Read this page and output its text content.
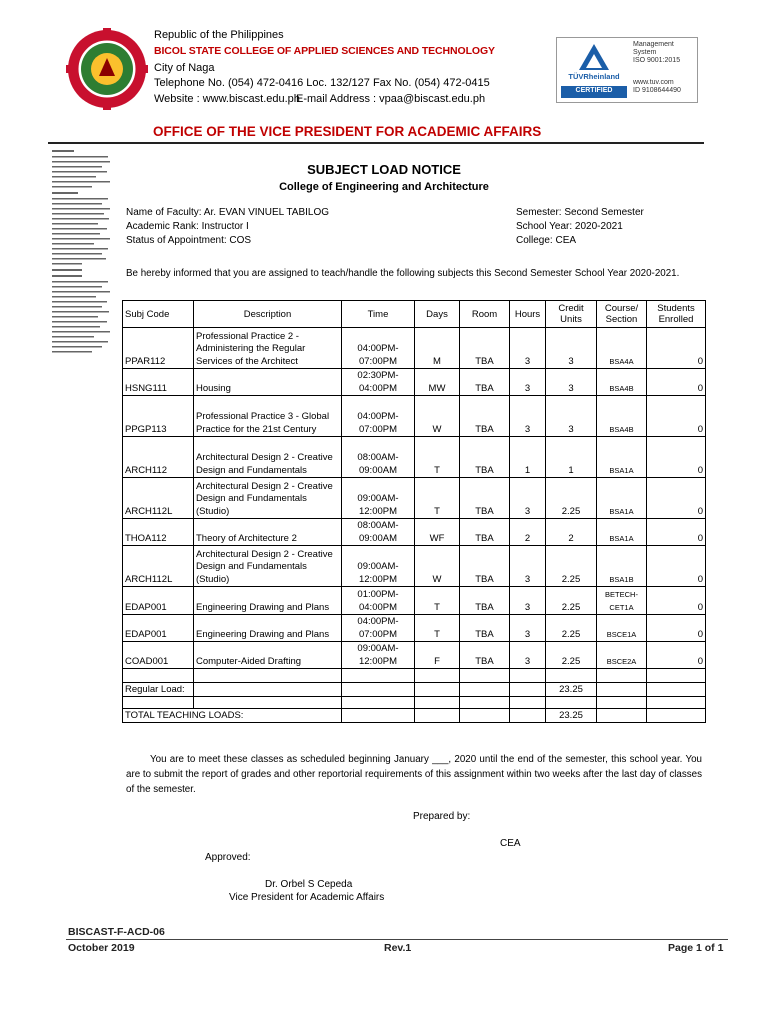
Republic of the Philippines
BICOL STATE COLLEGE OF APPLIED SCIENCES AND TECHNOLOGY
City of Naga
Telephone No. (054) 472-0416 Loc. 132/127 Fax No. (054) 472-0415
Website : www.biscast.edu.ph
E-mail Address : vpaa@biscast.edu.ph
TÜVRheinland
CERTIFIED
Management
System
ISO 9001:2015
www.tuv.com
ID 9108644490
OFFICE OF THE VICE PRESIDENT FOR ACADEMIC AFFAIRS
SUBJECT LOAD NOTICE
College of Engineering and Architecture
Name of Faculty: Ar. EVAN VINUEL TABILOG
Academic Rank: Instructor I
Status of Appointment: COS
Semester: Second Semester
School Year: 2020-2021
College: CEA
Be hereby informed that you are assigned to teach/handle the following subjects this Second Semester School Year 2020-2021.
Subj Code	Description	Time	Days	Room	Hours	Credit Units	Course/ Section	Students Enrolled
PPAR112	Professional Practice 2 - Administering the Regular Services of the Architect	04:00PM-07:00PM	M	TBA	3	3	BSA4A	0
HSNG111	Housing	02:30PM-04:00PM	MW	TBA	3	3	BSA4B	0
PPGP113	Professional Practice 3 - Global Practice for the 21st Century	04:00PM-07:00PM	W	TBA	3	3	BSA4B	0
ARCH112	Architectural Design 2 - Creative Design and Fundamentals	08:00AM-09:00AM	T	TBA	1	1	BSA1A	0
ARCH112L	Architectural Design 2 - Creative Design and Fundamentals (Studio)	09:00AM-12:00PM	T	TBA	3	2.25	BSA1A	0
THOA112	Theory of Architecture 2	08:00AM-09:00AM	WF	TBA	2	2	BSA1A	0
ARCH112L	Architectural Design 2 - Creative Design and Fundamentals (Studio)	09:00AM-12:00PM	W	TBA	3	2.25	BSA1B	0
EDAP001	Engineering Drawing and Plans	01:00PM-04:00PM	T	TBA	3	2.25	BETECH-CET1A	0
EDAP001	Engineering Drawing and Plans	04:00PM-07:00PM	T	TBA	3	2.25	BSCE1A	0
COAD001	Computer-Aided Drafting	09:00AM-12:00PM	F	TBA	3	2.25	BSCE2A	0

Regular Load:						23.25		

TOTAL TEACHING LOADS:						23.25		
You are to meet these classes as scheduled beginning January ___, 2020 until the end of the semester, this school year. You are to submit the report of grades and other reportorial requirements of this assignment within two weeks after the last day of classes of the semester.
Prepared by:
CEA
Approved:
Dr. Orbel S Cepeda
Vice President for Academic Affairs
BISCAST-F-ACD-06
October 2019	Rev.1	Page 1 of 1
